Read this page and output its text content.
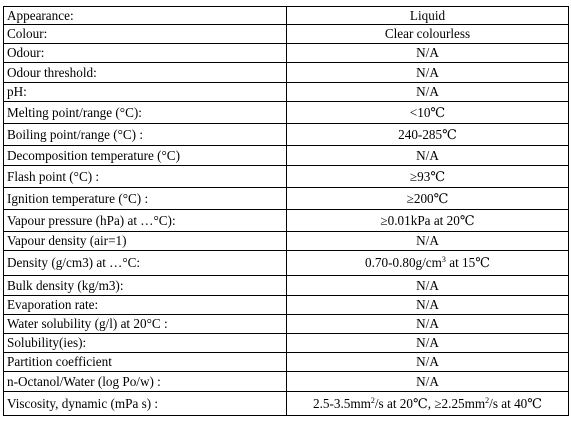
Appearance:	Liquid
Colour:	Clear colourless
Odour:	N/A
Odour threshold:	N/A
pH:	N/A
Melting point/range (°C):	<10℃
Boiling point/range (°C) :	240-285℃
Decomposition temperature (°C)	N/A
Flash point (°C) :	≥93℃
Ignition temperature (°C) :	≥200℃
Vapour pressure (hPa) at …°C):	≥0.01kPa at 20℃
Vapour density (air=1)	N/A
Density (g/cm3) at …°C:	$0.70-0.80g/cm^3$ at 15℃
Bulk density (kg/m3):	N/A
Evaporation rate:	N/A
Water solubility (g/l) at 20°C :	N/A
Solubility(ies):	N/A
Partition coefficient	N/A
n-Octanol/Water (log Po/w) :	N/A
Viscosity, dynamic (mPa s) :	$2.5-3.5mm^2/s$ at 20℃, $\ge 2.25mm^2/s$ at 40℃
